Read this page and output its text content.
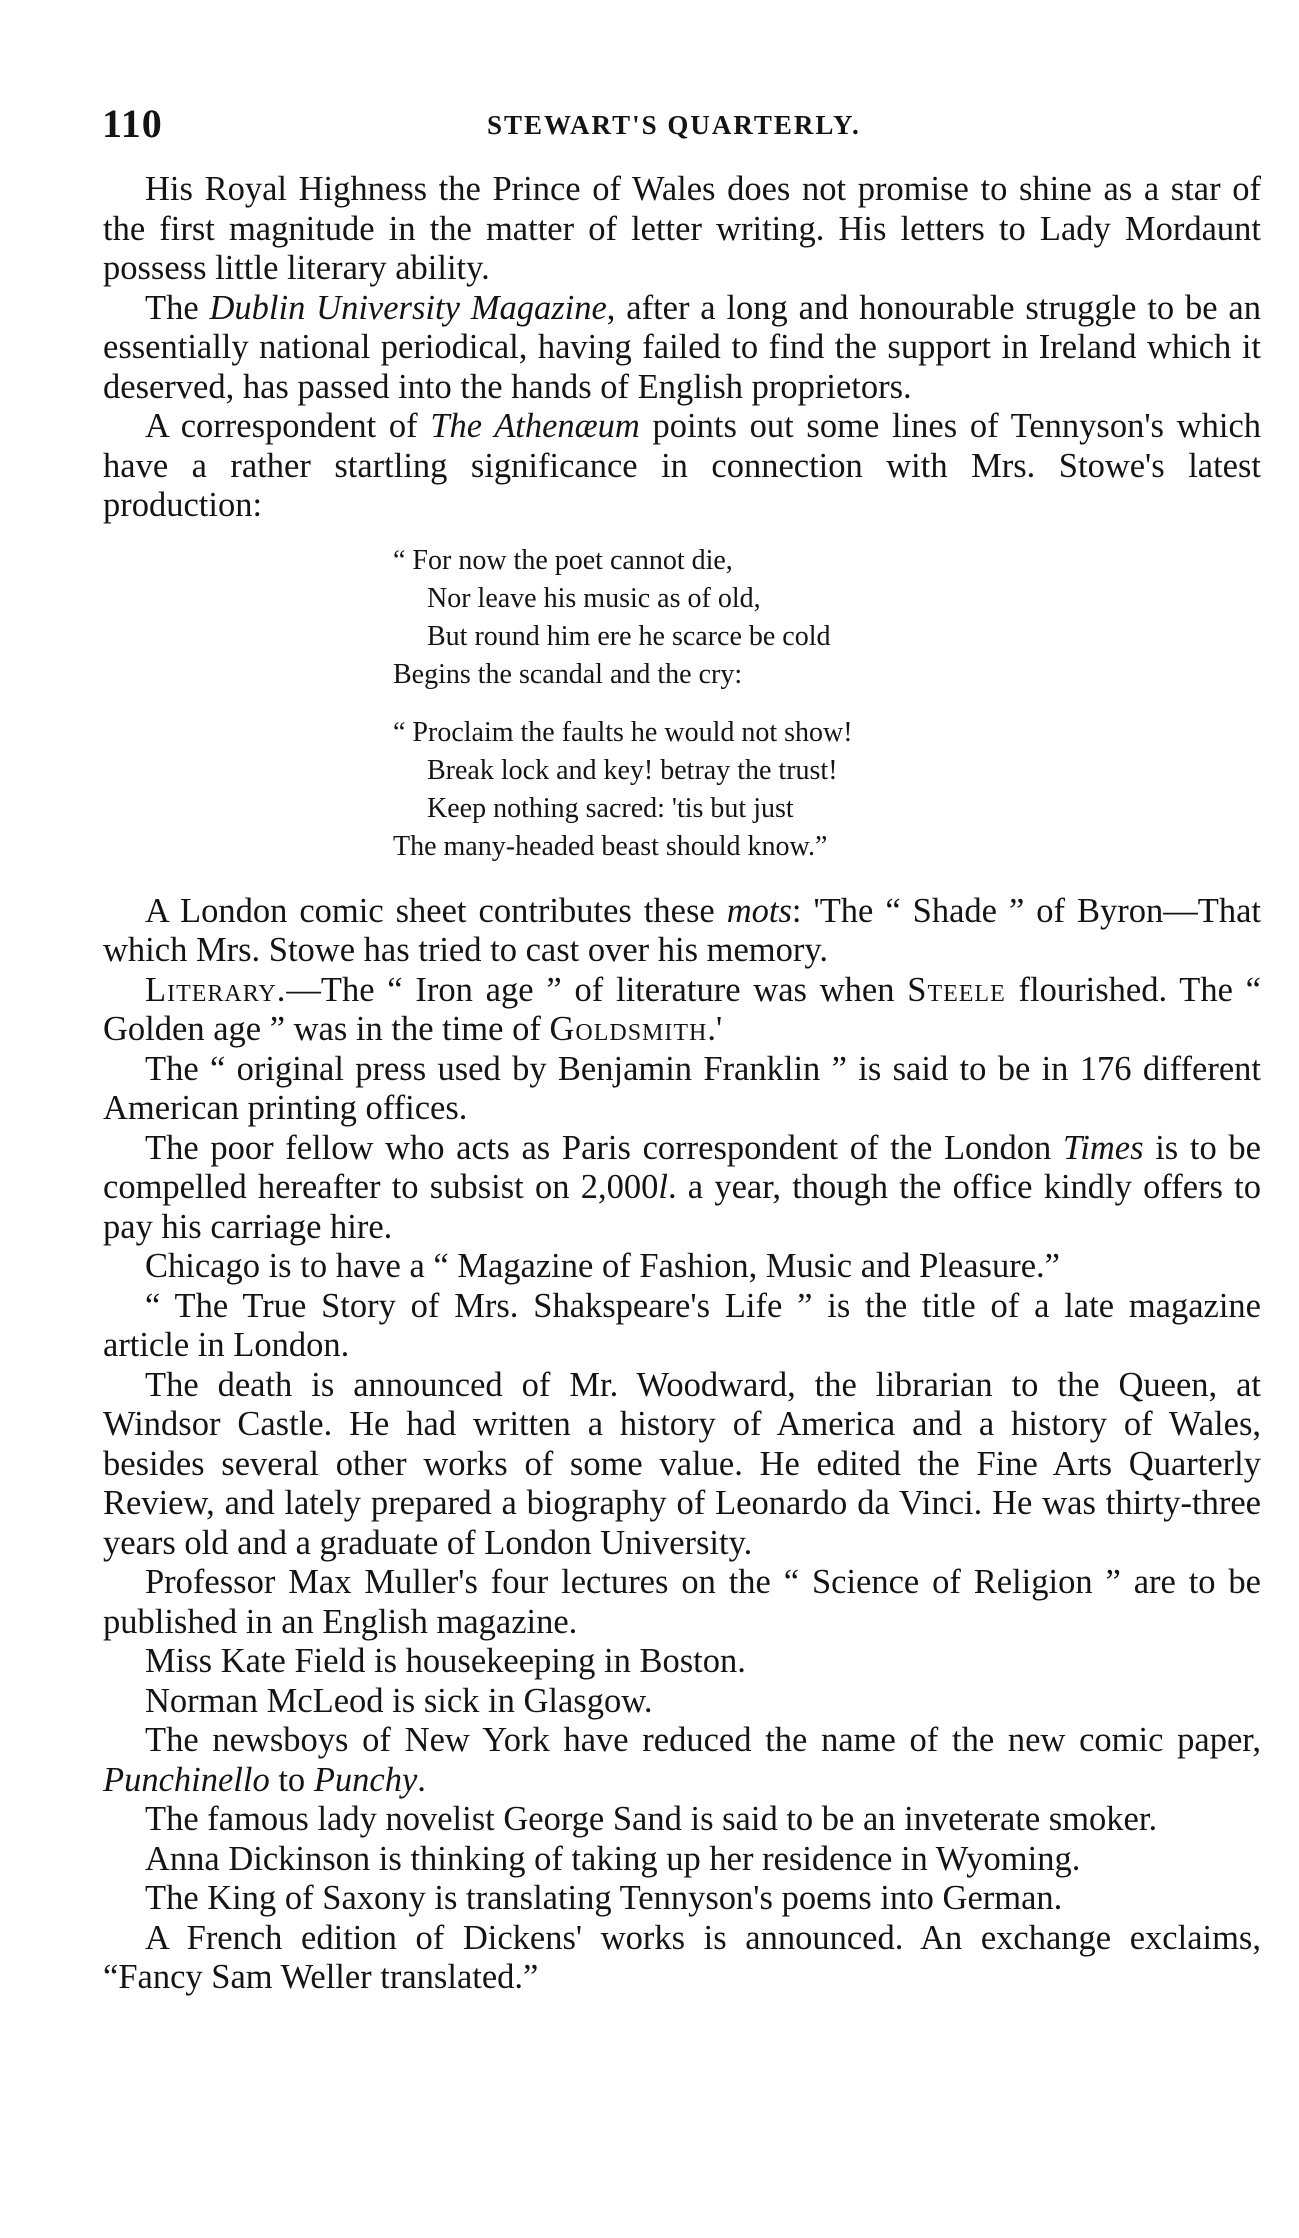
110	STEWART'S QUARTERLY.

His Royal Highness the Prince of Wales does not promise to shine as a star of the first magnitude in the matter of letter writing. His letters to Lady Mordaunt possess little literary ability.

The Dublin University Magazine, after a long and honourable struggle to be an essentially national periodical, having failed to find the support in Ireland which it deserved, has passed into the hands of English proprietors.

A correspondent of The Athenæum points out some lines of Tennyson's which have a rather startling significance in connection with Mrs. Stowe's latest production:

“ For now the poet cannot die,
Nor leave his music as of old,
But round him ere he scarce be cold
Begins the scandal and the cry:
“ Proclaim the faults he would not show!
Break lock and key! betray the trust!
Keep nothing sacred: 'tis but just
The many-headed beast should know.”

A London comic sheet contributes these mots: 'The “ Shade ” of Byron—That which Mrs. Stowe has tried to cast over his memory.

Literary.—The “ Iron age ” of literature was when Steele flourished. The “ Golden age ” was in the time of Goldsmith.'

The “ original press used by Benjamin Franklin ” is said to be in 176 different American printing offices.

The poor fellow who acts as Paris correspondent of the London Times is to be compelled hereafter to subsist on 2,000l. a year, though the office kindly offers to pay his carriage hire.

Chicago is to have a “ Magazine of Fashion, Music and Pleasure.”

“ The True Story of Mrs. Shakspeare's Life ” is the title of a late magazine article in London.

The death is announced of Mr. Woodward, the librarian to the Queen, at Windsor Castle. He had written a history of America and a history of Wales, besides several other works of some value. He edited the Fine Arts Quarterly Review, and lately prepared a biography of Leonardo da Vinci. He was thirty-three years old and a graduate of London University.

Professor Max Muller's four lectures on the “ Science of Religion ” are to be published in an English magazine.

Miss Kate Field is housekeeping in Boston.

Norman McLeod is sick in Glasgow.

The newsboys of New York have reduced the name of the new comic paper, Punchinello to Punchy.

The famous lady novelist George Sand is said to be an inveterate smoker.

Anna Dickinson is thinking of taking up her residence in Wyoming.

The King of Saxony is translating Tennyson's poems into German.

A French edition of Dickens' works is announced. An exchange exclaims, “Fancy Sam Weller translated.”
